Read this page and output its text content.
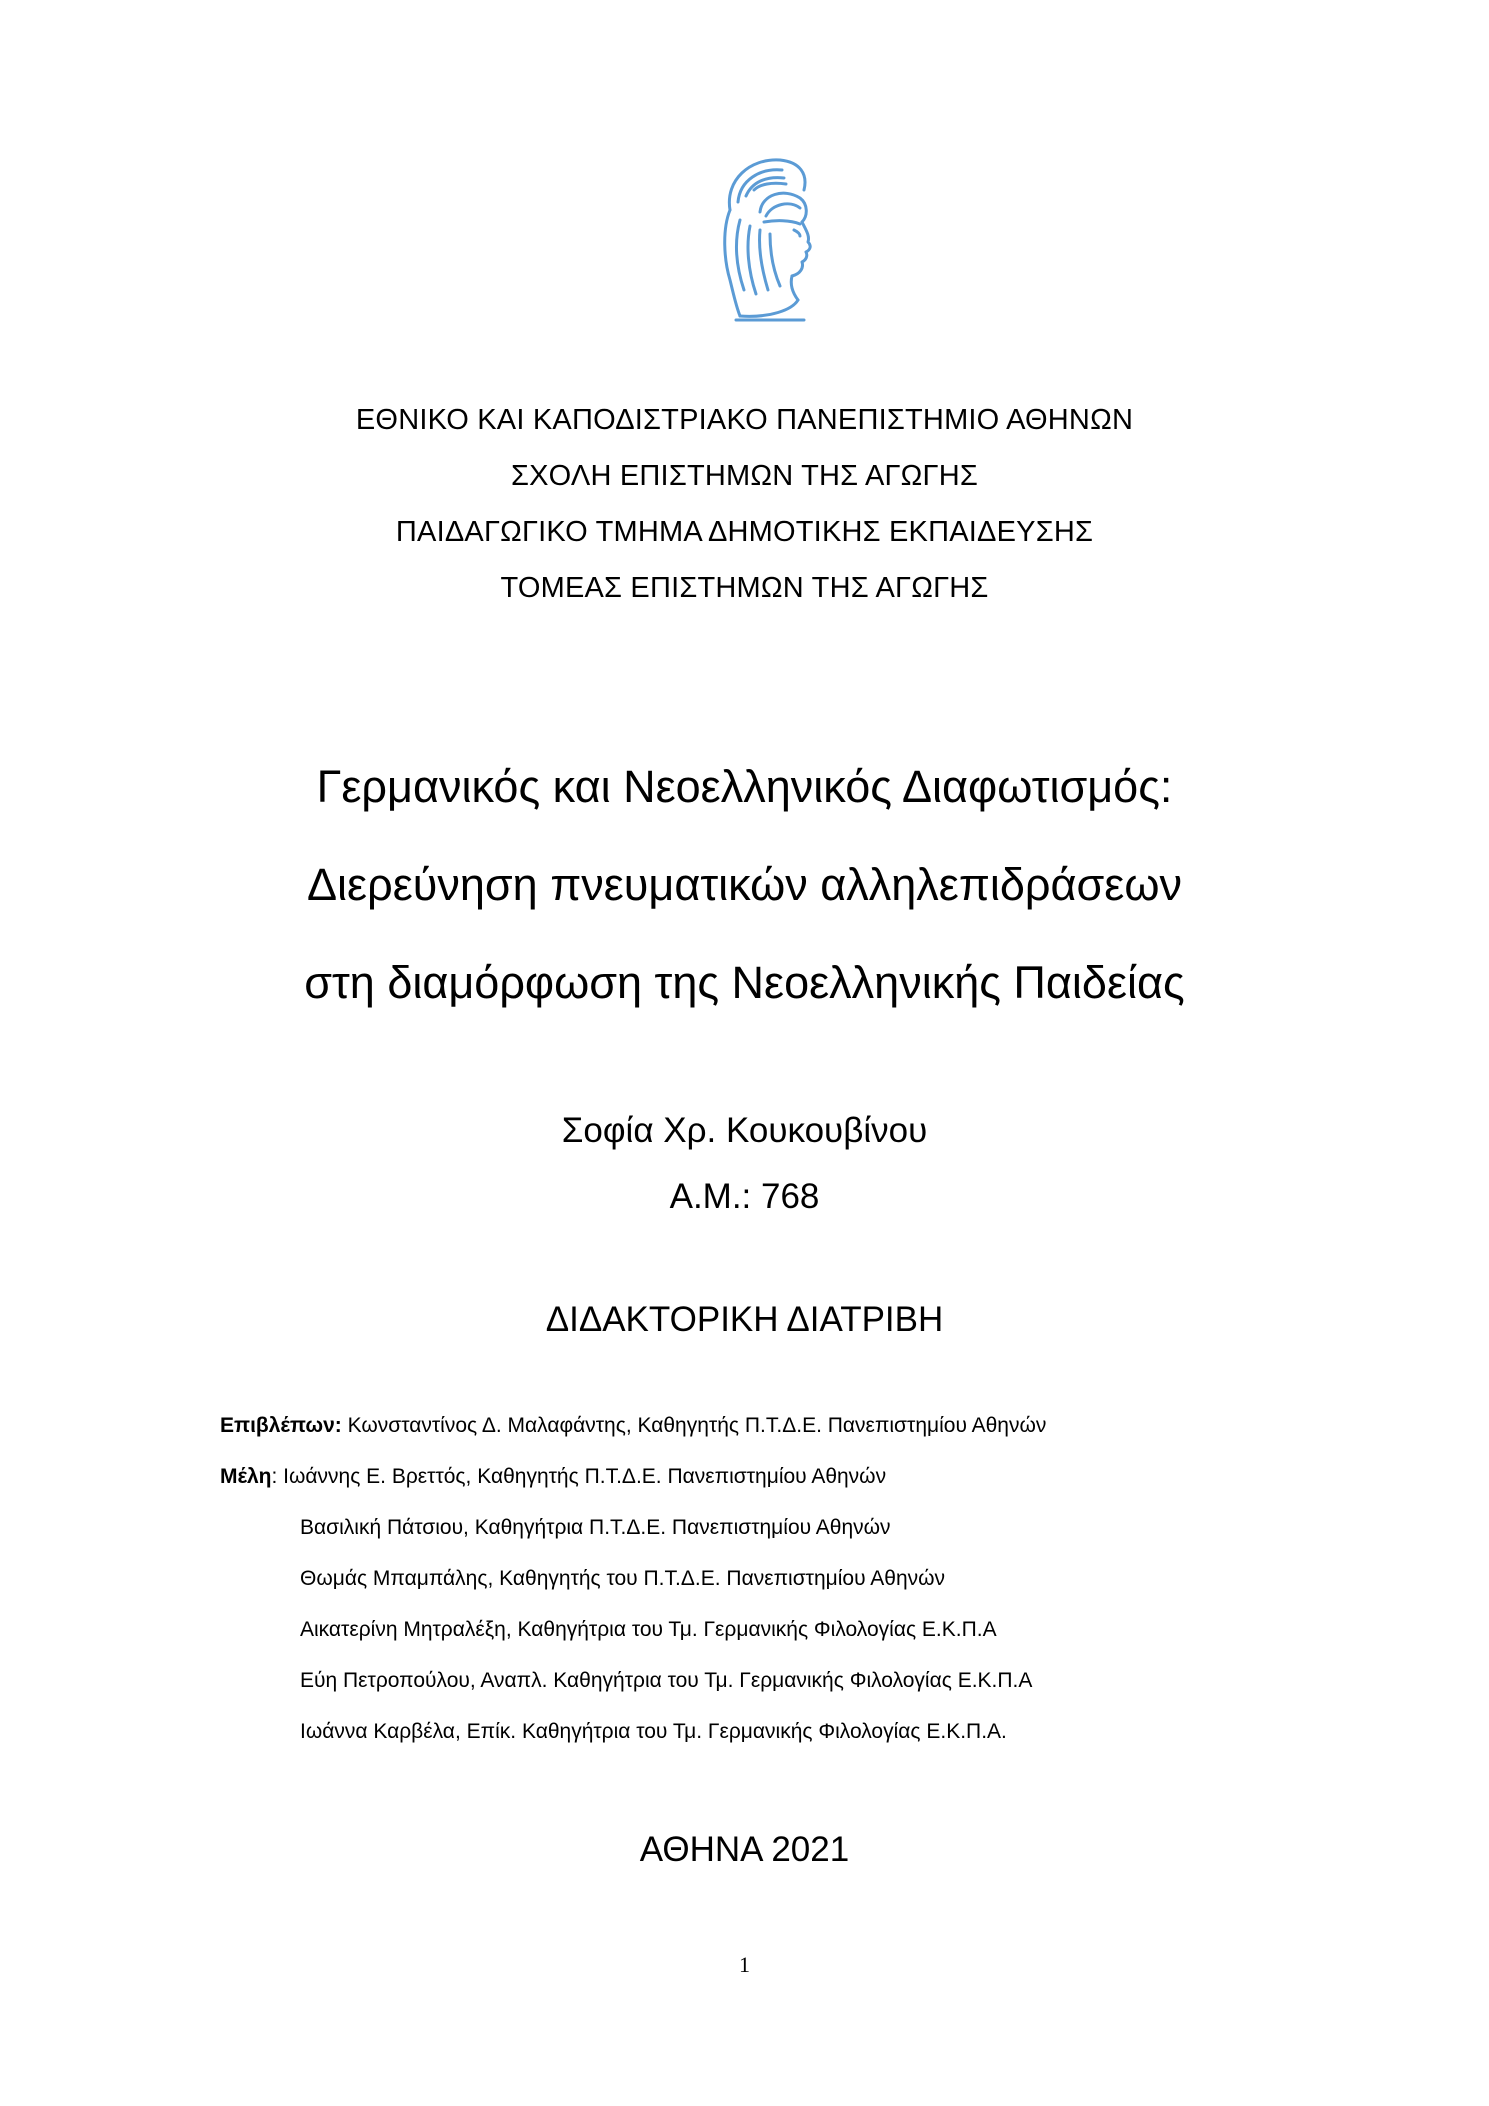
ΕΘΝΙΚΟ ΚΑΙ ΚΑΠΟΔΙΣΤΡΙΑΚΟ ΠΑΝΕΠΙΣΤΗΜΙΟ ΑΘΗΝΩΝ
ΣΧΟΛΗ ΕΠΙΣΤΗΜΩΝ ΤΗΣ ΑΓΩΓΗΣ
ΠΑΙΔΑΓΩΓΙΚΟ ΤΜΗΜΑ ΔΗΜΟΤΙΚΗΣ ΕΚΠΑΙΔΕΥΣΗΣ
ΤΟΜΕΑΣ ΕΠΙΣΤΗΜΩΝ ΤΗΣ ΑΓΩΓΗΣ
Γερμανικός και Νεοελληνικός Διαφωτισμός:
Διερεύνηση πνευματικών αλληλεπιδράσεων
στη διαμόρφωση της Νεοελληνικής Παιδείας
Σοφία Χρ. Κουκουβίνου
Α.Μ.: 768
ΔΙΔΑΚΤΟΡΙΚΗ ΔΙΑΤΡΙΒΗ
Επιβλέπων: Κωνσταντίνος Δ. Μαλαφάντης, Καθηγητής Π.Τ.Δ.Ε. Πανεπιστημίου Αθηνών
Μέλη: Ιωάννης Ε. Βρεττός, Καθηγητής Π.Τ.Δ.Ε. Πανεπιστημίου Αθηνών
Βασιλική Πάτσιου, Καθηγήτρια Π.Τ.Δ.Ε. Πανεπιστημίου Αθηνών
Θωμάς Μπαμπάλης, Καθηγητής του Π.Τ.Δ.Ε. Πανεπιστημίου Αθηνών
Αικατερίνη Μητραλέξη, Καθηγήτρια του Τμ. Γερμανικής Φιλολογίας Ε.Κ.Π.Α
Εύη Πετροπούλου, Αναπλ. Καθηγήτρια του Τμ. Γερμανικής Φιλολογίας Ε.Κ.Π.Α
Ιωάννα Καρβέλα, Επίκ. Καθηγήτρια του Τμ. Γερμανικής Φιλολογίας Ε.Κ.Π.Α.
ΑΘΗΝΑ 2021
1
